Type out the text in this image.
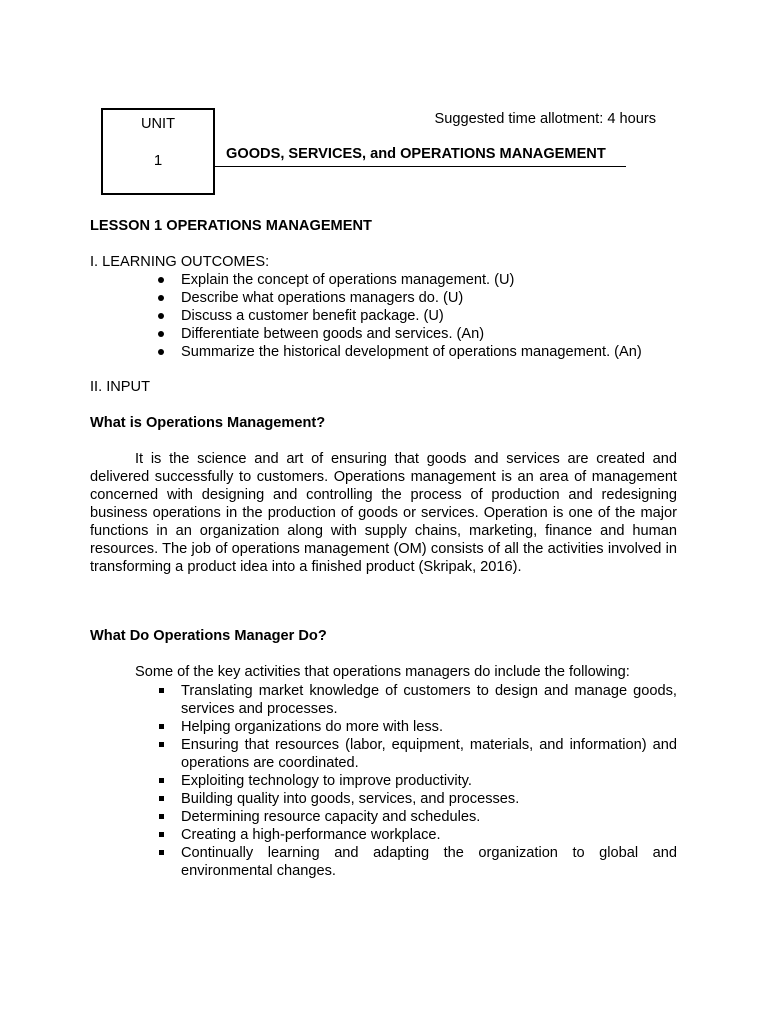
UNIT
1
Suggested time allotment: 4 hours
GOODS, SERVICES, and OPERATIONS MANAGEMENT
LESSON 1 OPERATIONS MANAGEMENT
I. LEARNING OUTCOMES:
Explain the concept of operations management. (U)
Describe what operations managers do. (U)
Discuss a customer benefit package. (U)
Differentiate between goods and services. (An)
Summarize the historical development of operations management. (An)
II. INPUT
What is Operations Management?

It is the science and art of ensuring that goods and services are created and delivered successfully to customers. Operations management is an area of management concerned with designing and controlling the process of production and redesigning business operations in the production of goods or services. Operation is one of the major functions in an organization along with supply chains, marketing, finance and human resources. The job of operations management (OM) consists of all the activities involved in transforming a product idea into a finished product (Skripak, 2016).

What Do Operations Manager Do?
Some of the key activities that operations managers do include the following:
Translating market knowledge of customers to design and manage goods, services and processes.
Helping organizations do more with less.
Ensuring that resources (labor, equipment, materials, and information) and operations are coordinated.
Exploiting technology to improve productivity.
Building quality into goods, services, and processes.
Determining resource capacity and schedules.
Creating a high-performance workplace.
Continually learning and adapting the organization to global and environmental changes.
